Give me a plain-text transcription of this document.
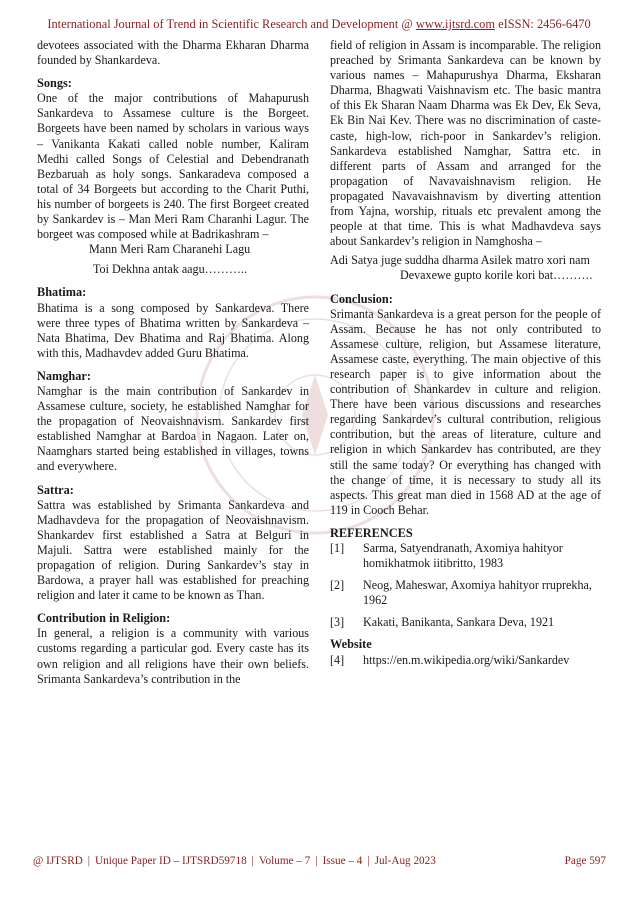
International Journal of Trend in Scientific Research and Development @ www.ijtsrd.com eISSN: 2456-6470

devotees associated with the Dharma Ekharan Dharma founded by Shankardeva.

Songs:

One of the major contributions of Mahapurush Sankardeva to Assamese culture is the Borgeet. Borgeets have been named by scholars in various ways – Vanikanta Kakati called noble number, Kaliram Medhi called Songs of Celestial and Debendranath Bezbaruah as holy songs. Sankaradeva composed a total of 34 Borgeets but according to the Charit Puthi, his number of borgeets is 240. The first Borgeet created by Sankardev is – Man Meri Ram Charanhi Lagur. The borgeet was composed while at Badrikashram –

Mann Meri Ram Charanehi Lagu

Toi Dekhna antak aagu………..

Bhatima:

Bhatima is a song composed by Sankardeva. There were three types of Bhatima written by Sankardeva – Nata Bhatima, Dev Bhatima and Raj Bhatima. Along with this, Madhavdev added Guru Bhatima.

Namghar:

Namghar is the main contribution of Sankardev in Assamese culture, society, he established Namghar for the propagation of Neovaishnavism. Sankardev first established Namghar at Bardoa in Nagaon. Later on, Naamghars started being established in villages, towns and everywhere.

Sattra:

Sattra was established by Srimanta Sankardeva and Madhavdeva for the propagation of Neovaishnavism. Shankardev first established a Satra at Belguri in Majuli. Sattra were established mainly for the propagation of religion. During Sankardev’s stay in Bardowa, a prayer hall was established for preaching religion and later it came to be known as Than.

Contribution in Religion:

In general, a religion is a community with various customs regarding a particular god. Every caste has its own religion and all religions have their own beliefs. Srimanta Sankardeva’s contribution in the

field of religion in Assam is incomparable. The religion preached by Srimanta Sankardeva can be known by various names – Mahapurushya Dharma, Eksharan Dharma, Bhagwati Vaishnavism etc. The basic mantra of this Ek Sharan Naam Dharma was Ek Dev, Ek Seva, Ek Bin Nai Kev. There was no discrimination of caste-caste, high-low, rich-poor in Sankardev’s religion. Sankardeva established Namghar, Sattra etc. in different parts of Assam and arranged for the propagation of Navavaishnavism religion. He propagated Navavaishnavism by diverting attention from Yajna, worship, rituals etc prevalent among the people at that time. This is what Madhavdeva says about Sankardev’s religion in Namghosha –

Adi Satya juge suddha dharma Asilek matro xori nam

Devaxewe gupto korile kori bat……….

Conclusion:

Srimanta Sankardeva is a great person for the people of Assam. Because he has not only contributed to Assamese culture, religion, but Assamese literature, Assamese caste, everything. The main objective of this research paper is to give information about the contribution of Shankardev in culture and religion. There have been various discussions and researches regarding Sankardev’s cultural contribution, religious contribution, but the areas of literature, culture and religion in which Sankardev has contributed, are they still the same today? Or everything has changed with the change of time, it is necessary to study all its aspects. This great man died in 1568 AD at the age of 119 in Cooch Behar.

REFERENCES
[1]	Sarma, Satyendranath, Axomiya hahityor homikhatmok iitibritto, 1983
[2]	Neog, Maheswar, Axomiya hahityor rruprekha, 1962
[3]	Kakati, Banikanta, Sankara Deva, 1921
Website
[4]	https://en.m.wikipedia.org/wiki/Sankardev
@ IJTSRD | Unique Paper ID – IJTSRD59718 | Volume – 7 | Issue – 4 | Jul-Aug 2023	Page 597
